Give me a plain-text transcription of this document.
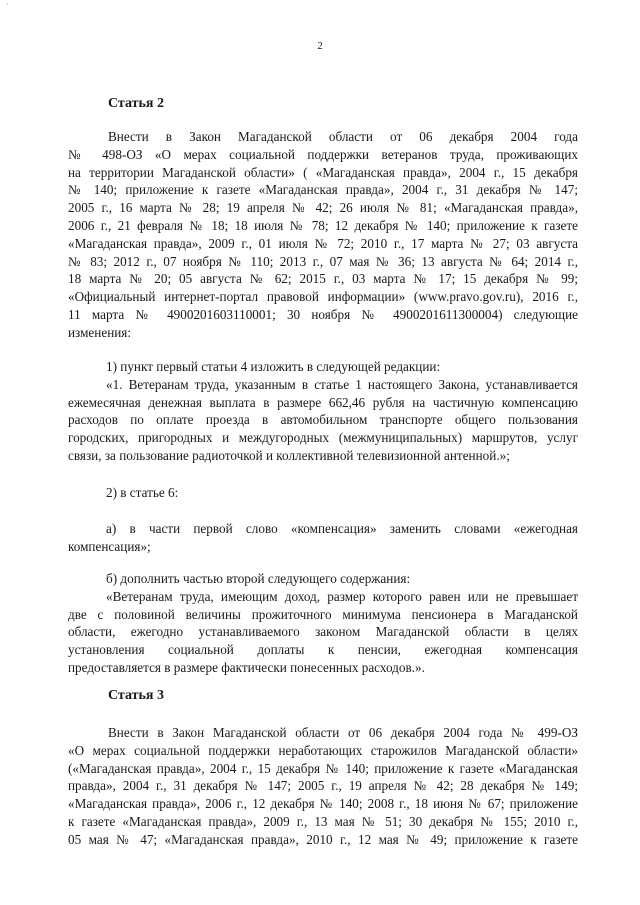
´
2
Статья 2
Внести в Закон Магаданской области от 06 декабря 2004 года
№ 498-ОЗ «О мерах социальной поддержки ветеранов труда, проживающих
на территории Магаданской области» ( «Магаданская правда», 2004 г., 15 декабря
№ 140; приложение к газете «Магаданская правда», 2004 г., 31 декабря № 147;
2005 г., 16 марта № 28; 19 апреля № 42; 26 июля № 81; «Магаданская правда»,
2006 г., 21 февраля № 18; 18 июля № 78; 12 декабря № 140; приложение к газете
«Магаданская правда», 2009 г., 01 июля № 72; 2010 г., 17 марта № 27; 03 августа
№ 83; 2012 г., 07 ноября № 110; 2013 г., 07 мая № 36; 13 августа № 64; 2014 г.,
18 марта № 20; 05 августа № 62; 2015 г., 03 марта № 17; 15 декабря № 99;
«Официальный интернет-портал правовой информации» (www.pravo.gov.ru), 2016 г.,
11 марта № 4900201603110001; 30 ноября № 4900201611300004) следующие
изменения:
1) пункт первый статьи 4 изложить в следующей редакции:
«1. Ветеранам труда, указанным в статье 1 настоящего Закона, устанавливается
ежемесячная денежная выплата в размере 662,46 рубля на частичную компенсацию
расходов по оплате проезда в автомобильном транспорте общего пользования
городских, пригородных и междугородных (межмуниципальных) маршрутов, услуг
связи, за пользование радиоточкой и коллективной телевизионной антенной.»;
2) в статье 6:
а) в части первой слово «компенсация» заменить словами «ежегодная
компенсация»;
б) дополнить частью второй следующего содержания:
«Ветеранам труда, имеющим доход, размер которого равен или не превышает
две с половиной величины прожиточного минимума пенсионера в Магаданской
области, ежегодно устанавливаемого законом Магаданской области в целях
установления социальной доплаты к пенсии, ежегодная компенсация
предоставляется в размере фактически понесенных расходов.».
Статья 3
Внести в Закон Магаданской области от 06 декабря 2004 года № 499-ОЗ
«О мерах социальной поддержки неработающих старожилов Магаданской области»
(«Магаданская правда», 2004 г., 15 декабря № 140; приложение к газете «Магаданская
правда», 2004 г., 31 декабря № 147; 2005 г., 19 апреля № 42; 28 декабря № 149;
«Магаданская правда», 2006 г., 12 декабря № 140; 2008 г., 18 июня № 67; приложение
к газете «Магаданская правда», 2009 г., 13 мая № 51; 30 декабря № 155; 2010 г.,
05 мая № 47; «Магаданская правда», 2010 г., 12 мая № 49; приложение к газете
